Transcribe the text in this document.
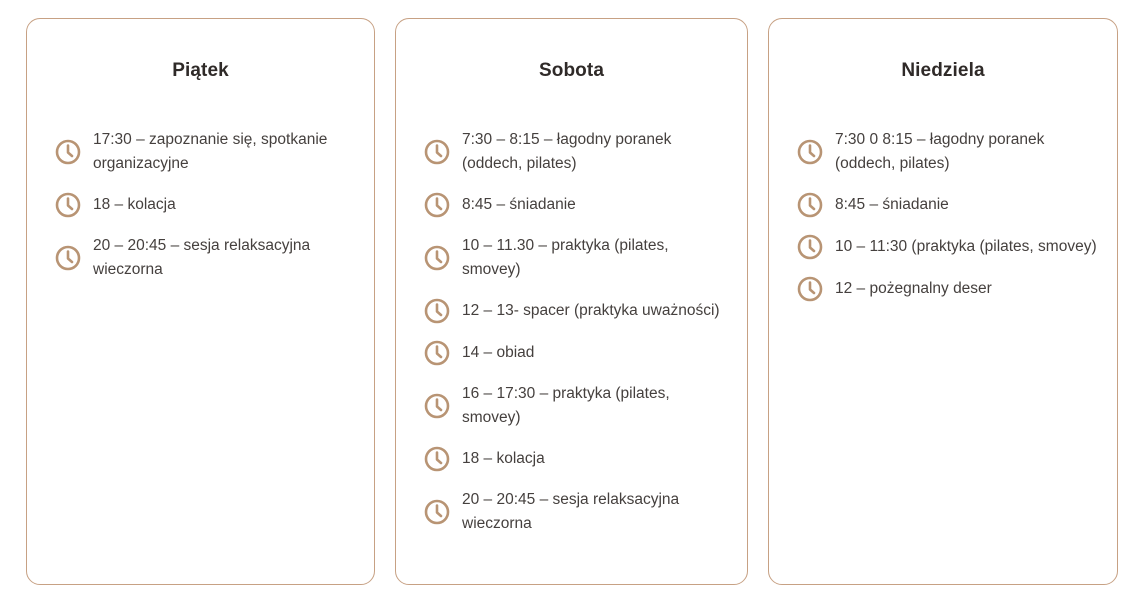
Piątek
17:30 – zapoznanie się, spotkanie organizacyjne
18 – kolacja
20 – 20:45 – sesja relaksacyjna wieczorna
Sobota
7:30 – 8:15 – łagodny poranek (oddech, pilates)
8:45 – śniadanie
10 – 11.30 – praktyka (pilates, smovey)
12 – 13- spacer (praktyka uważności)
14 – obiad
16 – 17:30 – praktyka (pilates, smovey)
18 – kolacja
20 – 20:45 – sesja relaksacyjna wieczorna
Niedziela
7:30 0 8:15 – łagodny poranek (oddech, pilates)
8:45 – śniadanie
10 – 11:30 (praktyka (pilates, smovey)
12 – pożegnalny deser
